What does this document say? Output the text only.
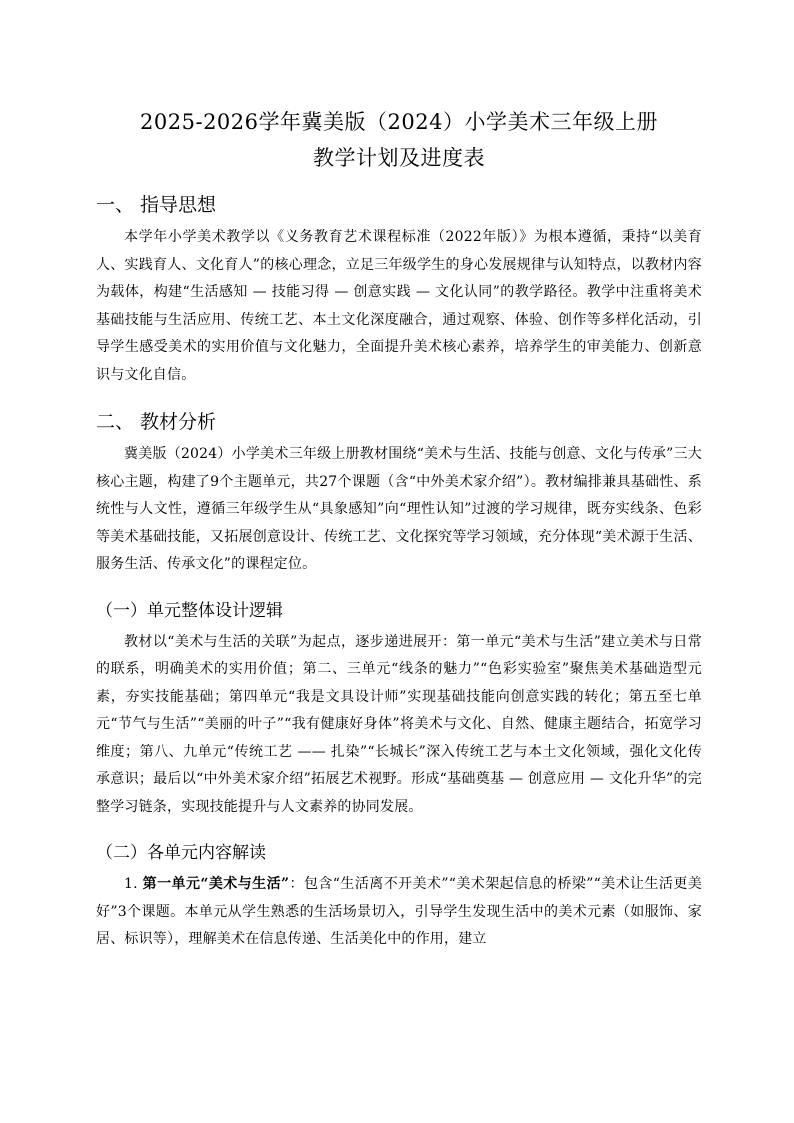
2025-2026学年冀美版（2024）小学美术三年级上册
教学计划及进度表
一、 指导思想

本学年小学美术教学以《义务教育艺术课程标准（2022年版）》为根本遵循，秉持“以美育人、实践育人、文化育人”的核心理念，立足三年级学生的身心发展规律与认知特点，以教材内容为载体，构建“生活感知 — 技能习得 — 创意实践 — 文化认同”的教学路径。教学中注重将美术基础技能与生活应用、传统工艺、本土文化深度融合，通过观察、体验、创作等多样化活动，引导学生感受美术的实用价值与文化魅力，全面提升美术核心素养，培养学生的审美能力、创新意识与文化自信。

二、 教材分析

冀美版（2024）小学美术三年级上册教材围绕“美术与生活、技能与创意、文化与传承”三大核心主题，构建了9个主题单元，共27个课题（含“中外美术家介绍”）。教材编排兼具基础性、系统性与人文性，遵循三年级学生从“具象感知”向“理性认知”过渡的学习规律，既夯实线条、色彩等美术基础技能，又拓展创意设计、传统工艺、文化探究等学习领域，充分体现“美术源于生活、服务生活、传承文化”的课程定位。

（一）单元整体设计逻辑

教材以“美术与生活的关联”为起点，逐步递进展开：第一单元“美术与生活”建立美术与日常的联系，明确美术的实用价值；第二、三单元“线条的魅力”“色彩实验室”聚焦美术基础造型元素，夯实技能基础；第四单元“我是文具设计师”实现基础技能向创意实践的转化；第五至七单元“节气与生活”“美丽的叶子”“我有健康好身体”将美术与文化、自然、健康主题结合，拓宽学习维度；第八、九单元“传统工艺 —— 扎染”“长城长”深入传统工艺与本土文化领域，强化文化传承意识；最后以“中外美术家介绍”拓展艺术视野。形成“基础奠基 — 创意应用 — 文化升华”的完整学习链条，实现技能提升与人文素养的协同发展。

（二）各单元内容解读

1. 第一单元“美术与生活”：包含“生活离不开美术”“美术架起信息的桥梁”“美术让生活更美好”3个课题。本单元从学生熟悉的生活场景切入，引导学生发现生活中的美术元素（如服饰、家居、标识等），理解美术在信息传递、生活美化中的作用，建立
